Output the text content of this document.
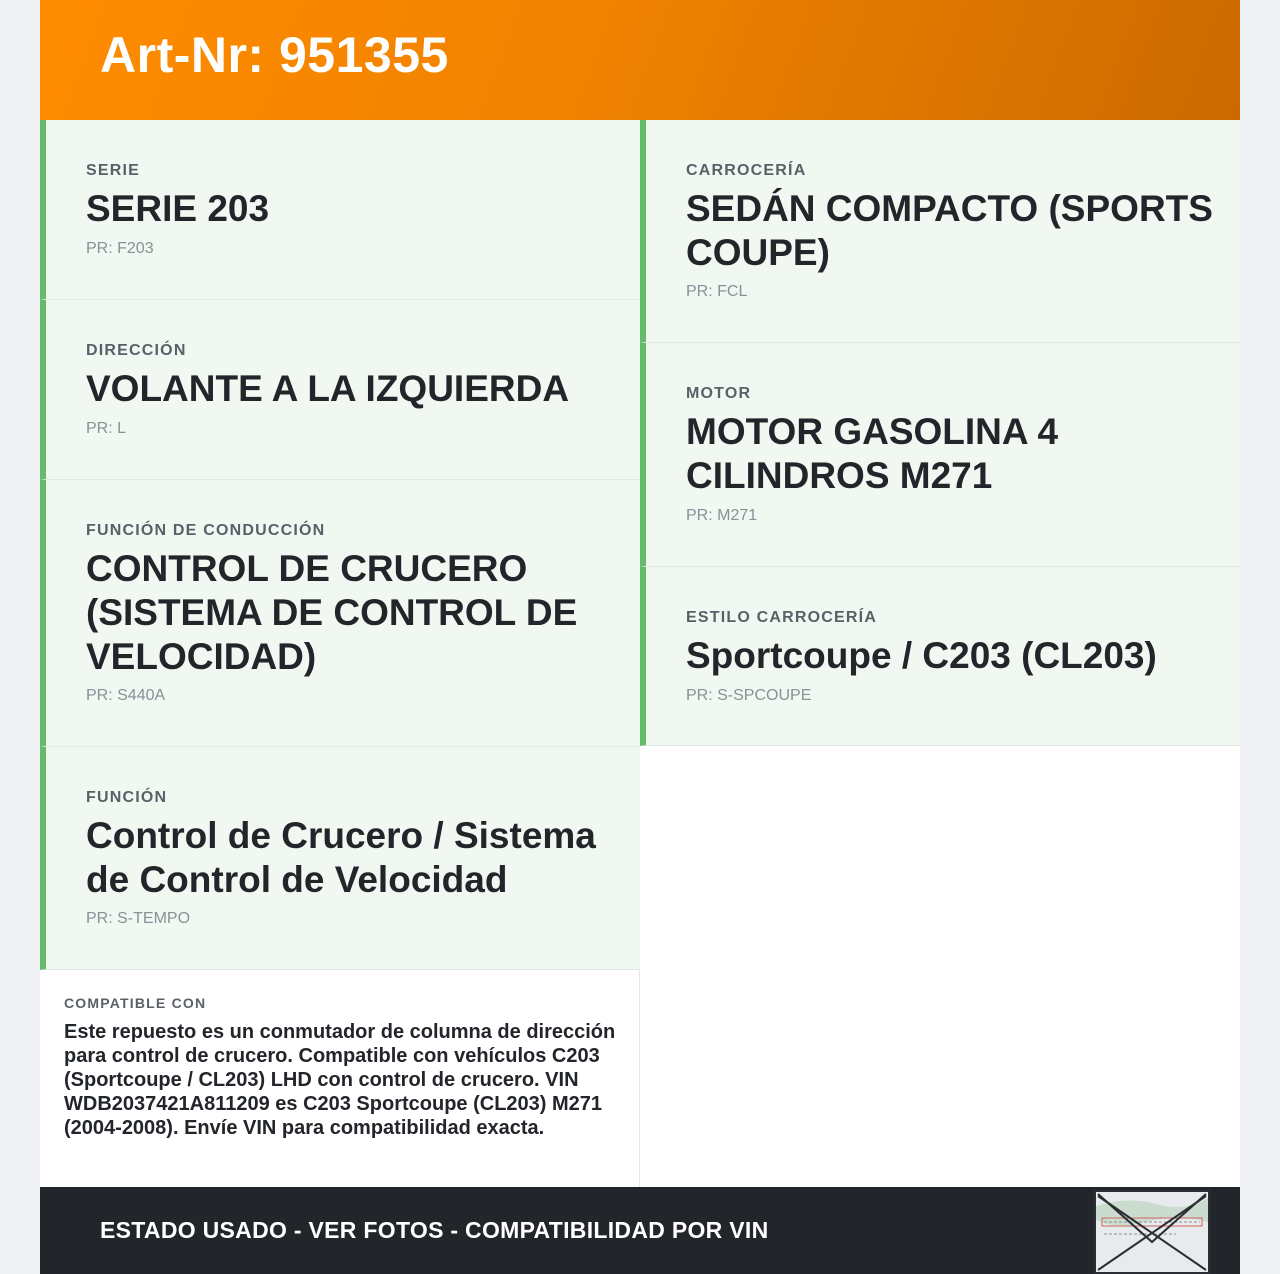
Art-Nr: 951355
SERIE
SERIE 203
PR: F203
DIRECCIÓN
VOLANTE A LA IZQUIERDA
PR: L
FUNCIÓN DE CONDUCCIÓN
CONTROL DE CRUCERO (SISTEMA DE CONTROL DE VELOCIDAD)
PR: S440A
FUNCIÓN
Control de Crucero / Sistema de Control de Velocidad
PR: S-TEMPO
CARROCERÍA
SEDÁN COMPACTO (SPORTS COUPE)
PR: FCL
MOTOR
MOTOR GASOLINA 4 CILINDROS M271
PR: M271
ESTILO CARROCERÍA
Sportcoupe / C203 (CL203)
PR: S-SPCOUPE
COMPATIBLE CON
Este repuesto es un conmutador de columna de dirección para control de crucero. Compatible con vehículos C203 (Sportcoupe / CL203) LHD con control de crucero. VIN WDB2037421A811209 es C203 Sportcoupe (CL203) M271 (2004-2008). Envíe VIN para compatibilidad exacta.
ESTADO USADO - VER FOTOS - COMPATIBILIDAD POR VIN
